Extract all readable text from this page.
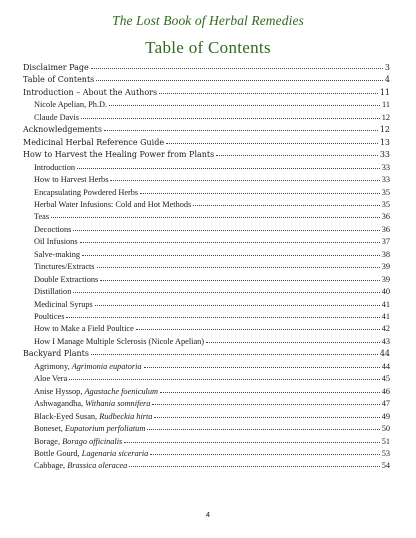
The Lost Book of Herbal Remedies
Table of Contents
Disclaimer Page	3
Table of Contents	4
Introduction – About the Authors	11
Nicole Apelian, Ph.D.	11
Claude Davis	12
Acknowledgements	12
Medicinal Herbal Reference Guide	13
How to Harvest the Healing Power from Plants	33
Introduction	33
How to Harvest Herbs	33
Encapsulating Powdered Herbs	35
Herbal Water Infusions: Cold and Hot Methods	35
Teas	36
Decoctions	36
Oil Infusions	37
Salve-making	38
Tinctures/Extracts	39
Double Extractions	39
Distillation	40
Medicinal Syrups	41
Poultices	41
How to Make a Field Poultice	42
How I Manage Multiple Sclerosis (Nicole Apelian)	43
Backyard Plants	44
Agrimony, Agrimonia eupatoria	44
Aloe Vera	45
Anise Hyssop, Agastache foeniculum	46
Ashwagandha, Withania somnifera	47
Black-Eyed Susan, Rudbeckia hirta	49
Boneset, Eupatorium perfoliatum	50
Borage, Borago officinalis	51
Bottle Gourd, Lagenaria siceraria	53
Cabbage, Brassica oleracea	54
4
